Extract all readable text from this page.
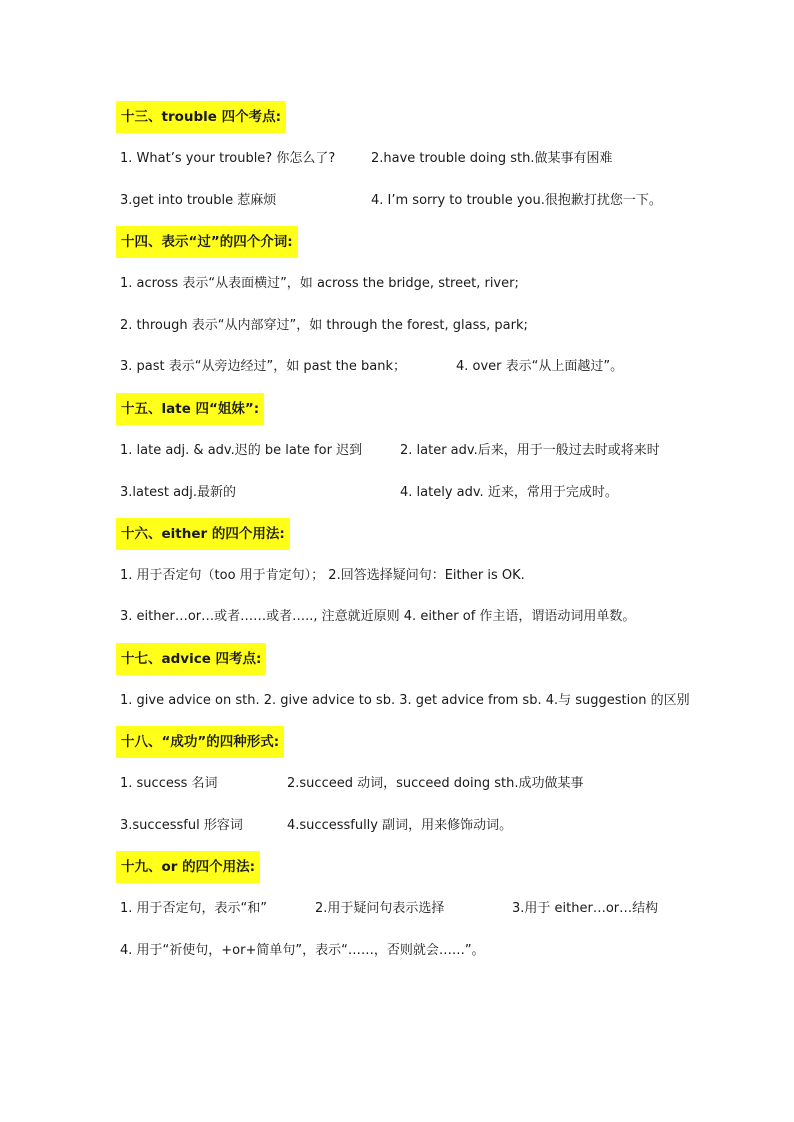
十三、trouble 四个考点:
1. What’s your trouble? 你怎么了?	2.have trouble doing sth.做某事有困难
3.get into trouble 惹麻烦	4. I’m sorry to trouble you.很抱歉打扰您一下。
十四、表示“过”的四个介词:
1. across 表示“从表面横过”，如 across the bridge, street, river;
2. through 表示“从内部穿过”，如 through the forest, glass, park;
3. past 表示“从旁边经过”，如 past the bank；	4. over 表示“从上面越过”。
十五、late 四“姐妹”:
1. late adj. & adv.迟的 be late for 迟到	2. later adv.后来，用于一般过去时或将来时
3.latest adj.最新的	4. lately adv. 近来，常用于完成时。
十六、either 的四个用法:
1. 用于否定句（too 用于肯定句）； 2.回答选择疑问句：Either is OK.
3. either…or…或者……或者….., 注意就近原则 4. either of 作主语，谓语动词用单数。
十七、advice 四考点:
1. give advice on sth. 2. give advice to sb. 3. get advice from sb. 4.与 suggestion 的区别
十八、“成功”的四种形式:
1. success 名词	2.succeed 动词，succeed doing sth.成功做某事
3.successful 形容词	4.successfully 副词，用来修饰动词。
十九、or 的四个用法:
1. 用于否定句，表示“和”	2.用于疑问句表示选择	3.用于 either…or…结构
4. 用于“祈使句，+or+简单句”，表示“……，否则就会……”。
